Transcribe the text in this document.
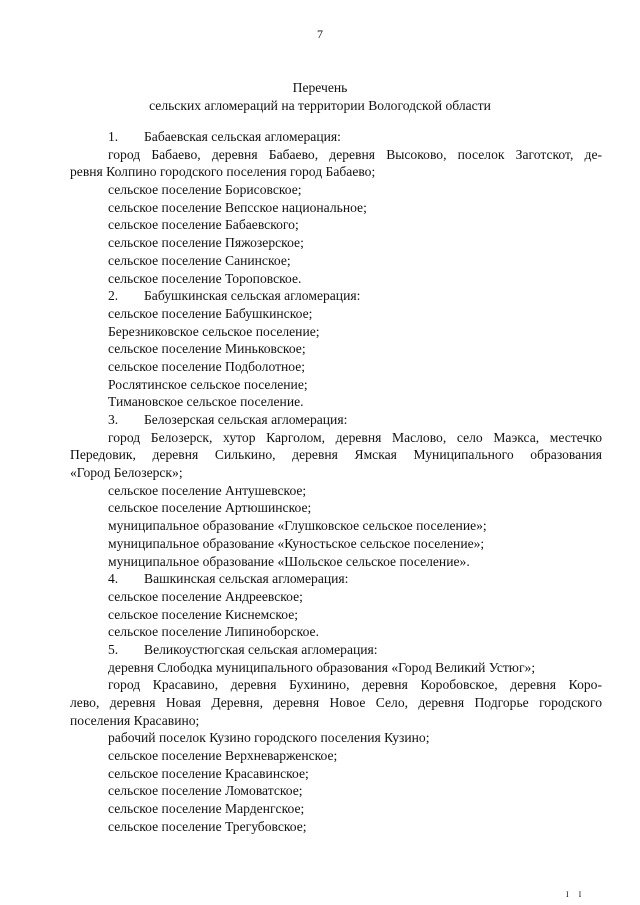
7
Перечень
сельских агломераций на территории Вологодской области
1. Бабаевская сельская агломерация:
город Бабаево, деревня Бабаево, деревня Высоково, поселок Заготскот, де-
ревня Колпино городского поселения город Бабаево;
сельское поселение Борисовское;
сельское поселение Вепсское национальное;
сельское поселение Бабаевского;
сельское поселение Пяжозерское;
сельское поселение Санинское;
сельское поселение Тороповское.
2. Бабушкинская сельская агломерация:
сельское поселение Бабушкинское;
Березниковское сельское поселение;
сельское поселение Миньковское;
сельское поселение Подболотное;
Рослятинское сельское поселение;
Тимановское сельское поселение.
3. Белозерская сельская агломерация:
город Белозерск, хутор Карголом, деревня Маслово, село Маэкса, местечко
Передовик, деревня Силькино, деревня Ямская Муниципального образования
«Город Белозерск»;
сельское поселение Антушевское;
сельское поселение Артюшинское;
муниципальное образование «Глушковское сельское поселение»;
муниципальное образование «Куностьское сельское поселение»;
муниципальное образование «Шольское сельское поселение».
4. Вашкинская сельская агломерация:
сельское поселение Андреевское;
сельское поселение Киснемское;
сельское поселение Липиноборское.
5. Великоустюгская сельская агломерация:
деревня Слободка муниципального образования «Город Великий Устюг»;
город Красавино, деревня Бухинино, деревня Коробовское, деревня Коро-
лево, деревня Новая Деревня, деревня Новое Село, деревня Подгорье городского
поселения Красавино;
рабочий поселок Кузино городского поселения Кузино;
сельское поселение Верхневарженское;
сельское поселение Красавинское;
сельское поселение Ломоватское;
сельское поселение Марденгское;
сельское поселение Трегубовское;
I I
